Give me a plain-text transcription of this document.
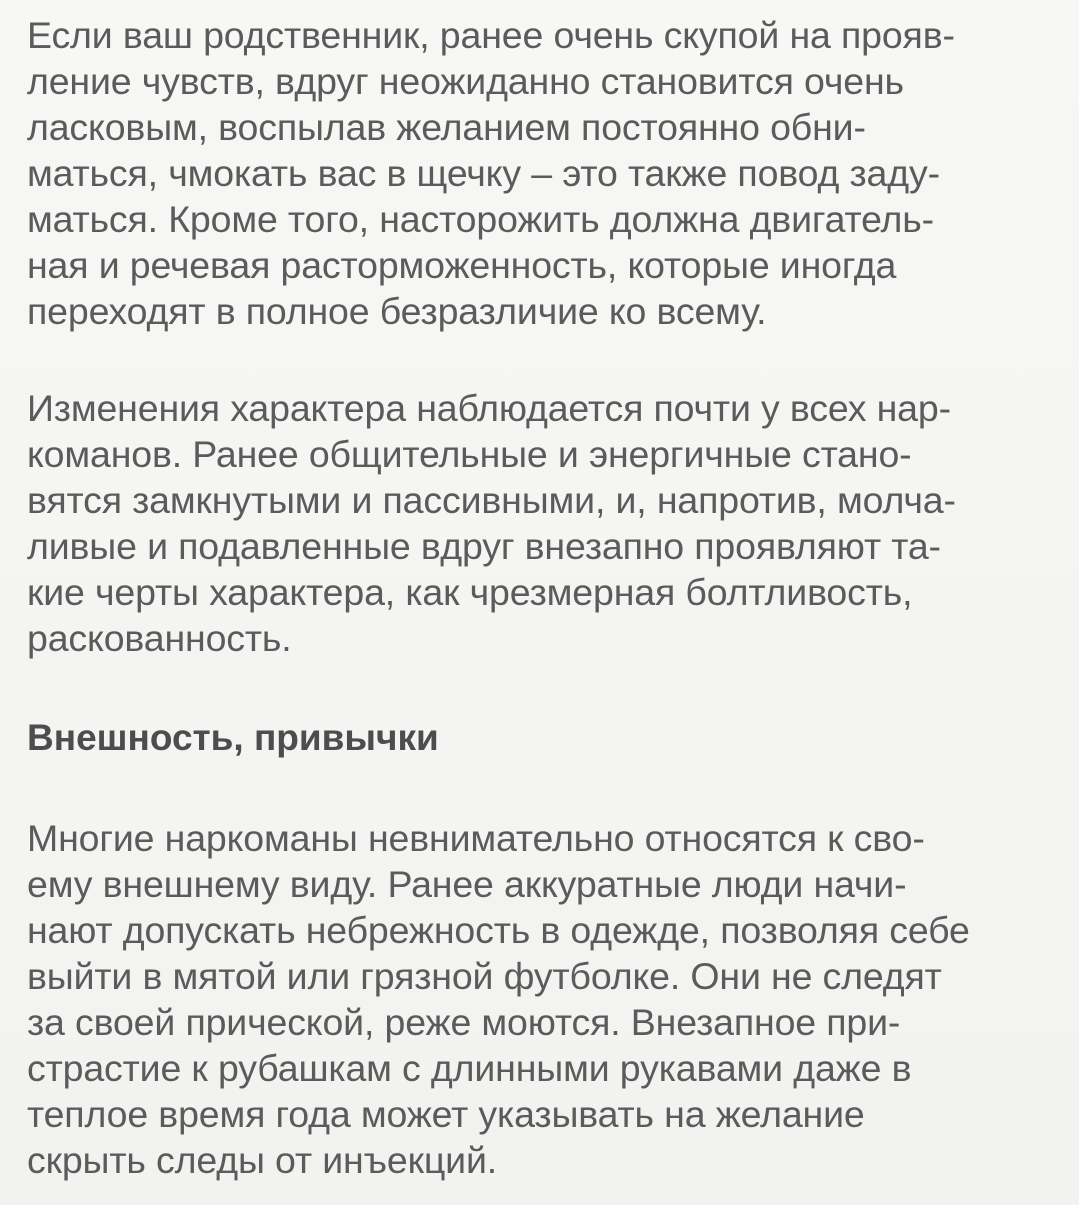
Если ваш родственник, ранее очень скупой на прояв-
ление чувств, вдруг неожиданно становится очень
ласковым, воспылав желанием постоянно обни-
маться, чмокать вас в щечку – это также повод заду-
маться. Кроме того, насторожить должна двигатель-
ная и речевая расторможенность, которые иногда
переходят в полное безразличие ко всему.

Изменения характера наблюдается почти у всех нар-
команов. Ранее общительные и энергичные стано-
вятся замкнутыми и пассивными, и, напротив, молча-
ливые и подавленные вдруг внезапно проявляют та-
кие черты характера, как чрезмерная болтливость,
раскованность.

Внешность, привычки

Многие наркоманы невнимательно относятся к сво-
ему внешнему виду. Ранее аккуратные люди начи-
нают допускать небрежность в одежде, позволяя себе
выйти в мятой или грязной футболке. Они не следят
за своей прической, реже моются. Внезапное при-
страстие к рубашкам с длинными рукавами даже в
теплое время года может указывать на желание
скрыть следы от инъекций.
